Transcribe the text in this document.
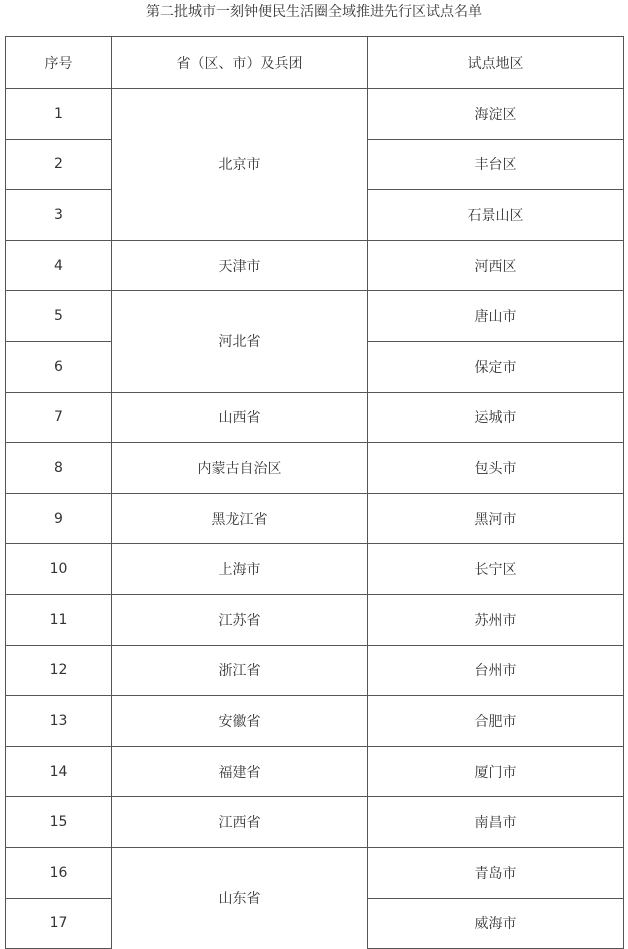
第二批城市一刻钟便民生活圈全域推进先行区试点名单
序号	省（区、市）及兵团	试点地区
1	北京市	海淀区
2		丰台区
3		石景山区
4	天津市	河西区
5	河北省	唐山市
6		保定市
7	山西省	运城市
8	内蒙古自治区	包头市
9	黑龙江省	黑河市
10	上海市	长宁区
11	江苏省	苏州市
12	浙江省	台州市
13	安徽省	合肥市
14	福建省	厦门市
15	江西省	南昌市
16	山东省	青岛市
17		威海市
